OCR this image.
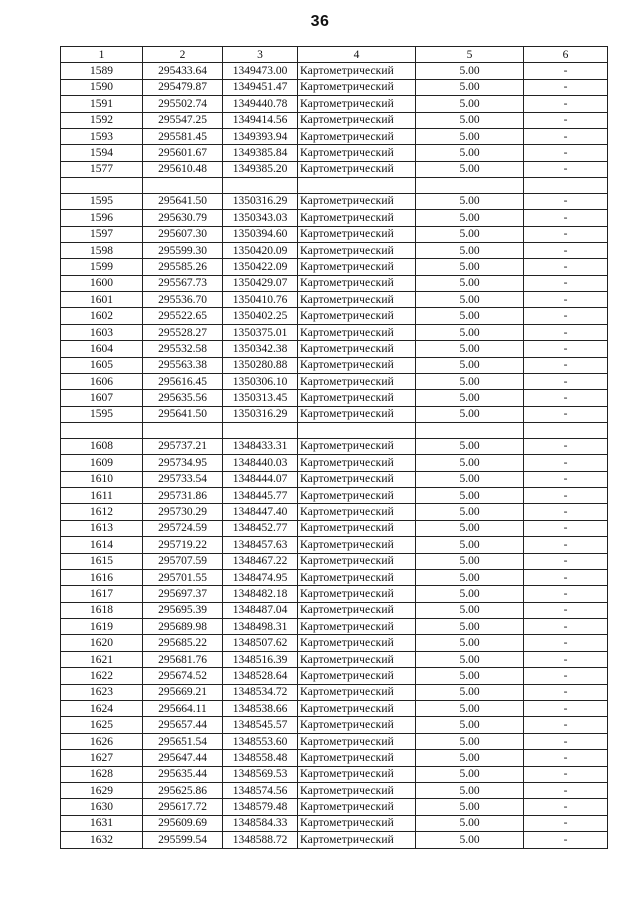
36
1	2	3	4	5	6
1589	295433.64	1349473.00	Картометрический	5.00	-
1590	295479.87	1349451.47	Картометрический	5.00	-
1591	295502.74	1349440.78	Картометрический	5.00	-
1592	295547.25	1349414.56	Картометрический	5.00	-
1593	295581.45	1349393.94	Картометрический	5.00	-
1594	295601.67	1349385.84	Картометрический	5.00	-
1577	295610.48	1349385.20	Картометрический	5.00	-

1595	295641.50	1350316.29	Картометрический	5.00	-
1596	295630.79	1350343.03	Картометрический	5.00	-
1597	295607.30	1350394.60	Картометрический	5.00	-
1598	295599.30	1350420.09	Картометрический	5.00	-
1599	295585.26	1350422.09	Картометрический	5.00	-
1600	295567.73	1350429.07	Картометрический	5.00	-
1601	295536.70	1350410.76	Картометрический	5.00	-
1602	295522.65	1350402.25	Картометрический	5.00	-
1603	295528.27	1350375.01	Картометрический	5.00	-
1604	295532.58	1350342.38	Картометрический	5.00	-
1605	295563.38	1350280.88	Картометрический	5.00	-
1606	295616.45	1350306.10	Картометрический	5.00	-
1607	295635.56	1350313.45	Картометрический	5.00	-
1595	295641.50	1350316.29	Картометрический	5.00	-

1608	295737.21	1348433.31	Картометрический	5.00	-
1609	295734.95	1348440.03	Картометрический	5.00	-
1610	295733.54	1348444.07	Картометрический	5.00	-
1611	295731.86	1348445.77	Картометрический	5.00	-
1612	295730.29	1348447.40	Картометрический	5.00	-
1613	295724.59	1348452.77	Картометрический	5.00	-
1614	295719.22	1348457.63	Картометрический	5.00	-
1615	295707.59	1348467.22	Картометрический	5.00	-
1616	295701.55	1348474.95	Картометрический	5.00	-
1617	295697.37	1348482.18	Картометрический	5.00	-
1618	295695.39	1348487.04	Картометрический	5.00	-
1619	295689.98	1348498.31	Картометрический	5.00	-
1620	295685.22	1348507.62	Картометрический	5.00	-
1621	295681.76	1348516.39	Картометрический	5.00	-
1622	295674.52	1348528.64	Картометрический	5.00	-
1623	295669.21	1348534.72	Картометрический	5.00	-
1624	295664.11	1348538.66	Картометрический	5.00	-
1625	295657.44	1348545.57	Картометрический	5.00	-
1626	295651.54	1348553.60	Картометрический	5.00	-
1627	295647.44	1348558.48	Картометрический	5.00	-
1628	295635.44	1348569.53	Картометрический	5.00	-
1629	295625.86	1348574.56	Картометрический	5.00	-
1630	295617.72	1348579.48	Картометрический	5.00	-
1631	295609.69	1348584.33	Картометрический	5.00	-
1632	295599.54	1348588.72	Картометрический	5.00	-
